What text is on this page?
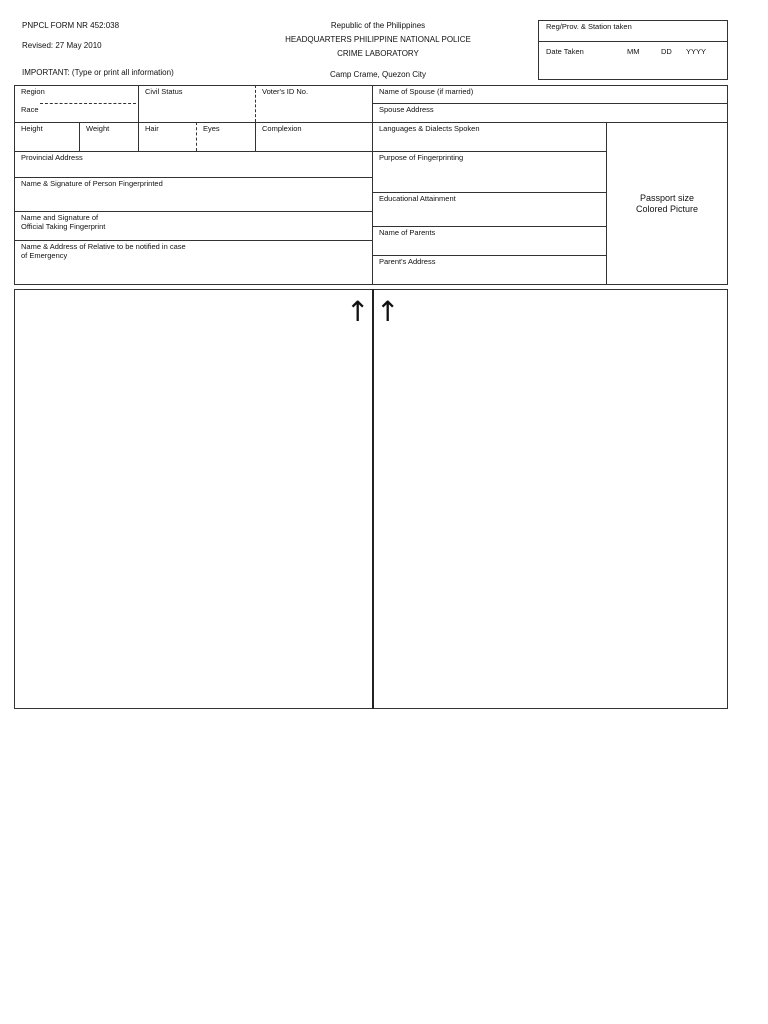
PNPCL FORM NR 452:038
Revised: 27 May 2010
IMPORTANT: (Type or print all information)
Republic of the Philippines
HEADQUARTERS PHILIPPINE NATIONAL POLICE
CRIME LABORATORY
Camp Crame, Quezon City
Reg/Prov. & Station taken
Date Taken	MM	DD YYYY
Region	Civil Status	Voter's ID No.
Race
Height	Weight	Hair	Eyes	Complexion
Provincial Address
Name & Signature of Person Fingerprinted
Name and Signature of
Official Taking Fingerprint
Name & Address of Relative to be notified in case
of Emergency
Name of Spouse (if married)
Spouse Address
Languages & Dialects Spoken
Purpose of Fingerprinting
Educational Attainment
Name of Parents
Parent's Address
Passport size
Colored Picture
↑ ↑
